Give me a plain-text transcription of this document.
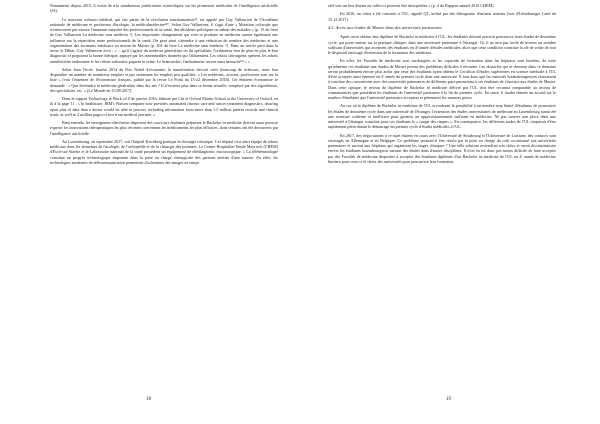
Notamment depuis 2015, il existe de très nombreuses publications scientifiques sur les promesses médicales de l'intelligence artificielle (IA).

Le nouveau scénario médical, qui fait partie de la révolution transhumaniste¹¹, est appelé par Guy Vallancien de l'Académie nationale de médecine et professeur d'urologie, la médicalmédecine¹²⁰. Selon Guy Vallancien, il s'agit d'une « Mutation colossale que n'entrevoient pas encore l'immense majorité des professionnels de la santé, des décideurs politiques ou même des malades » (p. 15 du livre de Guy Vallancien La médecine sans médecin ?). Les importants changements qui vont se produire en médecine auront également une influence sur la répartition entre professionnels de la santé. On peut ainsi s'attendre à une réduction du nombre des médecins et une augmentation des assistants médicaux au niveau de Master (p. 204 du livre La médecine sans médecin ?). Dans un article paru dans la revue le Débat, Guy Vallancien écrit : « …qu'il s'agisse du médecin généraliste ou du spécialiste, l'ordinateur fera de plus en plus le bon diagnostic et proposera la bonne thérapie, appuyé par les innombrables données qui l'alimentent. Les robots chirurgiens opèrent, les robots anesthésistes endorment et les robots infirmiers piquent la veine. Le brancardier, l'ambulancier seront aussi menacés¹²¹ » »

Selon Jean Tirole, lauréat 2014 du Prix Nobel d'économie, la numérisation devrait créer beaucoup de richesses, mais fera disparaître un nombre de nombreux emplois et pas seulement les emplois peu qualifiés. « Les médecins, avocats, professions sont sur la liste » (voir l'entretien de l'économiste français, publié par la revue Le Point du 15-22 décembre 2016). Cet éminent économiste se demande : « Que deviendra la médecine généraliste dans dix ans ? Il n'existera plus dans sa forme actuelle, remplacé par des algorithmes, des spécialistes, etc. » (Le Monde du 15.09.2017).

Dans le rapport Technology at Work v2.0 de janvier 2016, élaboré par Citi et Oxford Martin School at the University of Oxford, on lit à la page 11 : « In healthcare, IBM's Watson computer now provides automated chronic care and cancer treatment diagnostics, drawing upon plus of data than a doctor would be able to process, including information from more than 1.5 million patient records and clinical trials, as well as 2 million pages of text from medical journals. »

Bien entendu, les enseignants-chercheurs disposent des cours aux étudiants préparant le Bachelor in medicine doivent aussi pouvoir exposer les innovations thérapeutiques les plus récentes concernant les médicaments les plus efficaces, dont certains ont été découverts par l'intelligence artificielle.

Au Luxembourg, en septembre 2017, soit l'hôpital Kirchberg pratique la chirurgie robotique. Cet hôpital s'est ainsi équipé de robots médicaux dans les domaines de l'urologie, de l'orthopédie et de la chirurgie des poitrines. Le Centre Hospitalier Emile Mayrisch (CHEM) d'Esch-sur-Alzette et le Laboratoire national de la santé possèdent un équipement de télédiagnostic microscopique. « La téléhématologie constitue un progrès technologique important dans la prise en charge chirurgicale des patients atteints d'une tumeur. En effet, les technologies modernes de télécommunication permettent d'acheminer des images en temps

18

réel vers un lieu distant ou celles-ci peuvent être interprétées » (p. 4 du Rapport annuel 2016 CHEM).

En 2016, un robot a été construit à l'UL, appelé QT, utilisé par des thérapeutes d'enfants autistes (voir d'Lëtzebuerger Land du 15.12.2017).

4.5. Accès aux études de Master dans des universités partenaires

Après avoir obtenu leur diplôme de Bachelor in medicine à l'UL, les étudiants doivent pouvoir poursuivre leurs études de deuxième cycle, qui porte surtout sur la pratique clinique, dans une université partenaire à l'étranger. Or, il ne sera pas facile de trouver un nombre suffisant d'universités qui acceptent des étudiants en 4ᵉ année d'études médicales, alors que cette condition constitue la clé de voûte de tout le dispositif envisagé d'extension de la formation des médecins.

En effet, les Facultés de médecine sont surchargées et les capacités de formation dans les hôpitaux sont limitées, de sorte qu'admettre ces étudiants aux études de Master posera des problèmes difficiles à résoudre. Les obstacles qui se dressent dans ce domaine seront probablement encore plus ardus que ceux des étudiants ayant obtenu le Certificat d'études supérieures en science médicale à l'UL d'être acceptés ainsi épreuve en 2ᵉ année du premier cycle dans une université. Il faut donc que les autorités luxembourgeoises réussissent à conclure des conventions avec des universités partenaires de différents pays permettant à ces étudiants de s'inscrire aux études de Master. Dans cette optique, le niveau du diplôme de Bachelor in medicine délivré par l'UL doit être reconnu comparable au niveau de connaissances que possèdent les étudiants de l'université partenaire à la fin du premier cycle. En outre, il faudra obtenir un accord sur le nombre d'étudiants que l'université partenaire acceptera et pérenniser les mesures prises.

Au cas où le diplôme de Bachelor in medicine de l'UL accorderait la possibilité à un nombre trop limité d'étudiants de poursuivre les études de deuxième cycle dans une université de l'étranger, l'extension des études universitaires de médecine au Luxembourg aurait été une aventure coûteuse et inefficace pour garantir un approvisionnement suffisant en médecins. Ne pas trouver une place dans une université à l'étranger constitue pour ces étudiants le « risque des risques ». En conséquence, les différents stades de l'UL risquerait d'être rapidement plein durant le démarrage du premier cycle d'études médicales à l'UL.

En 2017, des négociations à ce sujet étaient en cours avec l'Université de Strasbourg et l'Université de Lorraine, des contacts sont envisagés en Allemagne et en Belgique. Ce problème pourrait-il être résolu par la prise en charge du coût occasionné aux universités partenaires et surtout aux hôpitaux qui organisent les stages cliniques ? Une telle solution reviendrait très chère et serait discriminatoire envers les étudiants luxembourgeois suivant des études dans d'autres disciplines. Il n'est en est donc pas moins difficile de faire accepter par des Facultés de médecine disposées à accepter des étudiants diplômés d'un Bachelor in medicine de l'UL en 4ᵉ année de médecine limitera pour ceux-ci le choix des universités pour poursuivre leur formation.

19
